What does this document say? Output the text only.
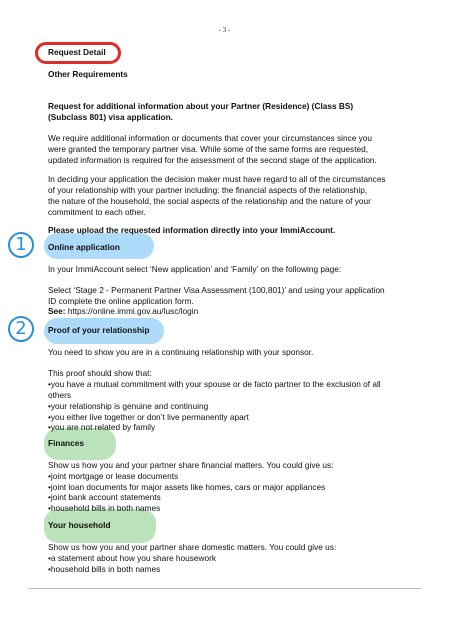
- 3 -
1
2
Request Detail
Other Requirements
Request for additional information about your Partner (Residence) (Class BS)
(Subclass 801) visa application.
We require additional information or documents that cover your circumstances since you
were granted the temporary partner visa. While some of the same forms are requested,
updated information is required for the assessment of the second stage of the application.
In deciding your application the decision maker must have regard to all of the circumstances
of your relationship with your partner including: the financial aspects of the relationship,
the nature of the household, the social aspects of the relationship and the nature of your
commitment to each other.
Please upload the requested information directly into your ImmiAccount.
Online application
In your ImmiAccount select ‘New application’ and ‘Family’ on the following page:
Select ‘Stage 2 - Permanent Partner Visa Assessment (100,801)’ and using your application
ID complete the online application form.
See: https://online.immi.gov.au/lusc/login
Proof of your relationship
You need to show you are in a continuing relationship with your sponsor.
This proof should show that:
•you have a mutual commitment with your spouse or de facto partner to the exclusion of all
others
•your relationship is genuine and continuing
•you either live together or don’t live permanently apart
•you are not related by family
Finances
Show us how you and your partner share financial matters. You could give us:
•joint mortgage or lease documents
•joint loan documents for major assets like homes, cars or major appliances
•joint bank account statements
•household bills in both names
Your household
Show us how you and your partner share domestic matters. You could give us:
•a statement about how you share housework
•household bills in both names
